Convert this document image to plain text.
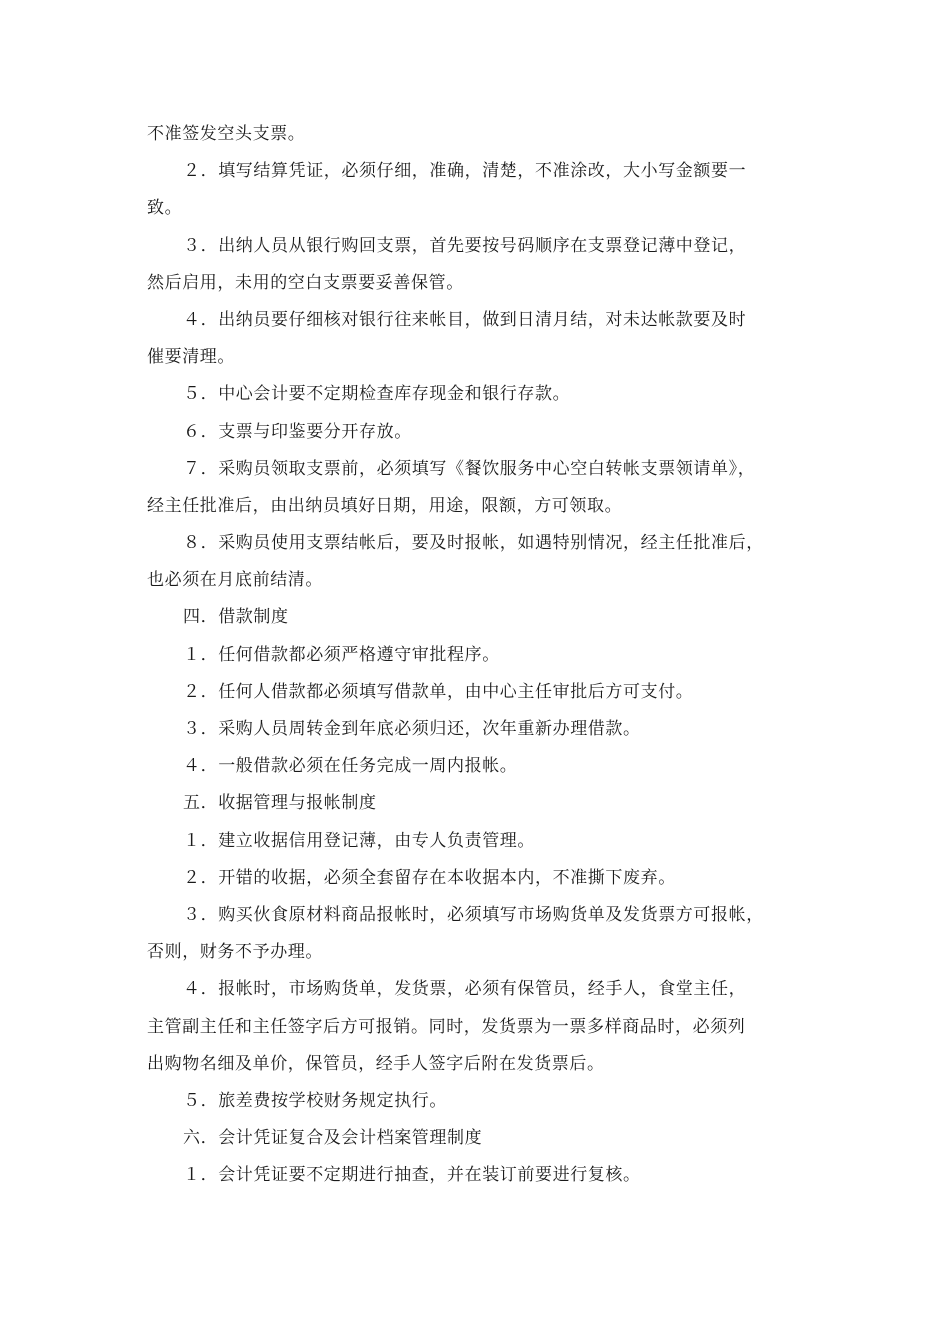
不准签发空头支票。
２．填写结算凭证，必须仔细，准确，清楚，不准涂改，大小写金额要一
致。
３．出纳人员从银行购回支票，首先要按号码顺序在支票登记薄中登记，
然后启用，未用的空白支票要妥善保管。
４．出纳员要仔细核对银行往来帐目，做到日清月结，对未达帐款要及时
催要清理。
５．中心会计要不定期检查库存现金和银行存款。
６．支票与印鉴要分开存放。
７．采购员领取支票前，必须填写《餐饮服务中心空白转帐支票领请单》，
经主任批准后，由出纳员填好日期，用途，限额，方可领取。
８．采购员使用支票结帐后，要及时报帐，如遇特别情况，经主任批准后，
也必须在月底前结清。
四．借款制度
１．任何借款都必须严格遵守审批程序。
２．任何人借款都必须填写借款单，由中心主任审批后方可支付。
３．采购人员周转金到年底必须归还，次年重新办理借款。
４．一般借款必须在任务完成一周内报帐。
五．收据管理与报帐制度
１．建立收据信用登记薄，由专人负责管理。
２．开错的收据，必须全套留存在本收据本内，不准撕下废弃。
３．购买伙食原材料商品报帐时，必须填写市场购货单及发货票方可报帐，
否则，财务不予办理。
４．报帐时，市场购货单，发货票，必须有保管员，经手人，食堂主任，
主管副主任和主任签字后方可报销。同时，发货票为一票多样商品时，必须列
出购物名细及单价，保管员，经手人签字后附在发货票后。
５．旅差费按学校财务规定执行。
六．会计凭证复合及会计档案管理制度
１．会计凭证要不定期进行抽查，并在装订前要进行复核。
